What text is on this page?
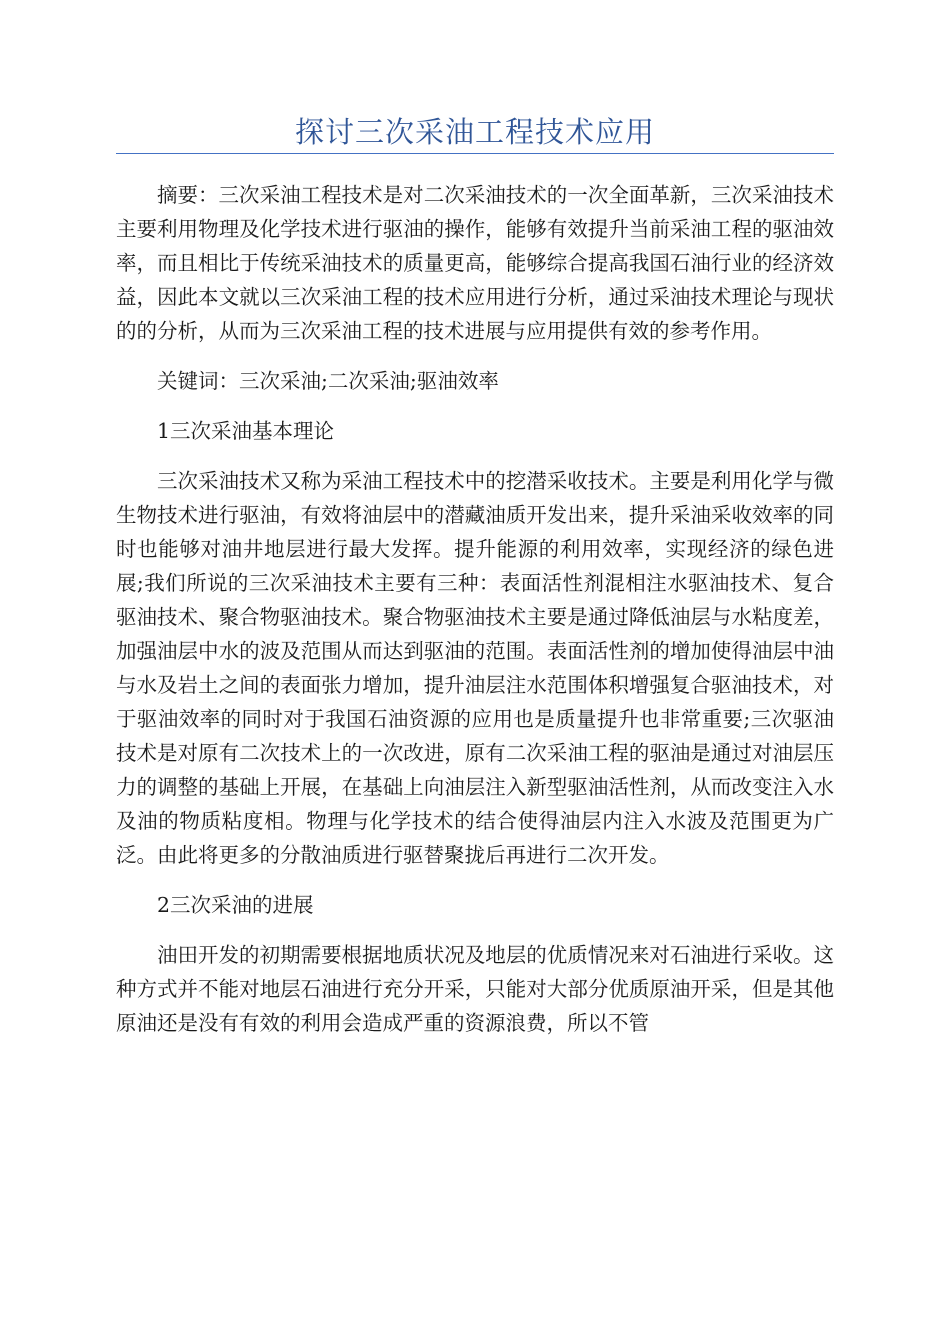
探讨三次采油工程技术应用

摘要：三次采油工程技术是对二次采油技术的一次全面革新，三次采油技术主要利用物理及化学技术进行驱油的操作，能够有效提升当前采油工程的驱油效率，而且相比于传统采油技术的质量更高，能够综合提高我国石油行业的经济效益，因此本文就以三次采油工程的技术应用进行分析，通过采油技术理论与现状的的分析，从而为三次采油工程的技术进展与应用提供有效的参考作用。

关键词：三次采油;二次采油;驱油效率

1三次采油基本理论

三次采油技术又称为采油工程技术中的挖潜采收技术。主要是利用化学与微生物技术进行驱油，有效将油层中的潜藏油质开发出来，提升采油采收效率的同时也能够对油井地层进行最大发挥。提升能源的利用效率，实现经济的绿色进展;我们所说的三次采油技术主要有三种：表面活性剂混相注水驱油技术、复合驱油技术、聚合物驱油技术。聚合物驱油技术主要是通过降低油层与水粘度差，加强油层中水的波及范围从而达到驱油的范围。表面活性剂的增加使得油层中油与水及岩土之间的表面张力增加，提升油层注水范围体积增强复合驱油技术，对于驱油效率的同时对于我国石油资源的应用也是质量提升也非常重要;三次驱油技术是对原有二次技术上的一次改进，原有二次采油工程的驱油是通过对油层压力的调整的基础上开展，在基础上向油层注入新型驱油活性剂，从而改变注入水及油的物质粘度相。物理与化学技术的结合使得油层内注入水波及范围更为广泛。由此将更多的分散油质进行驱替聚拢后再进行二次开发。

2三次采油的进展

油田开发的初期需要根据地质状况及地层的优质情况来对石油进行采收。这种方式并不能对地层石油进行充分开采，只能对大部分优质原油开采，但是其他原油还是没有有效的利用会造成严重的资源浪费，所以不管
